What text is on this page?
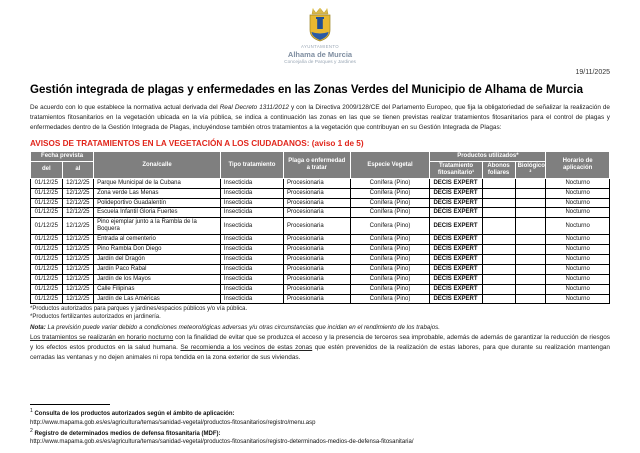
AYUNTAMIENTO
Alhama de Murcia
Concejalía de Parques y Jardines
19/11/2025
Gestión integrada de plagas y enfermedades en las Zonas Verdes del Municipio de Alhama de Murcia

De acuerdo con lo que establece la normativa actual derivada del Real Decreto 1311/2012 y con la Directiva 2009/128/CE del Parlamento Europeo, que fija la obligatoriedad de señalizar la realización de tratamientos fitosanitarios en la vegetación ubicada en la vía pública, se indica a continuación las zonas en las que se tienen previstas realizar tratamientos fitosanitarios para el control de plagas y enfermedades dentro de la Gestión Integrada de Plagas, incluyéndose también otros tratamientos a la vegetación que contribuyan en su Gestión Integrada de Plagas:

AVISOS DE TRATAMIENTOS EN LA VEGETACIÓN A LOS CIUDADANOS: (aviso 1 de 5)
Fecha prevista		Zona/calle	Tipo tratamiento	Plaga o enfermedad a tratar	Especie Vegetal	Productos utilizados*			Horario de aplicación
del	al					Tratamiento fitosanitario¹	Abonos foliares	Biológico ²	
01/12/25	12/12/25	Parque Municipal de la Cubana	Insecticida	Procesionaria	Conífera (Pino)	DECIS EXPERT			Nocturno
01/12/25	12/12/25	Zona verde Las Menas	Insecticida	Procesionaria	Conífera (Pino)	DECIS EXPERT			Nocturno
01/12/25	12/12/25	Polideportivo Guadalentín	Insecticida	Procesionaria	Conífera (Pino)	DECIS EXPERT			Nocturno
01/12/25	12/12/25	Escuela Infantil Gloria Fuertes	Insecticida	Procesionaria	Conífera (Pino)	DECIS EXPERT			Nocturno
01/12/25	12/12/25	Pino ejemplar junto a la Rambla de la Boquera	Insecticida	Procesionaria	Conífera (Pino)	DECIS EXPERT			Nocturno
01/12/25	12/12/25	Entrada al cementerio	Insecticida	Procesionaria	Conífera (Pino)	DECIS EXPERT			Nocturno
01/12/25	12/12/25	Pino Rambla Don Diego	Insecticida	Procesionaria	Conífera (Pino)	DECIS EXPERT			Nocturno
01/12/25	12/12/25	Jardín del Dragón	Insecticida	Procesionaria	Conífera (Pino)	DECIS EXPERT			Nocturno
01/12/25	12/12/25	Jardín Paco Rabal	Insecticida	Procesionaria	Conífera (Pino)	DECIS EXPERT			Nocturno
01/12/25	12/12/25	Jardín de los Mayos	Insecticida	Procesionaria	Conífera (Pino)	DECIS EXPERT			Nocturno
01/12/25	12/12/25	Calle Filipinas	Insecticida	Procesionaria	Conífera (Pino)	DECIS EXPERT			Nocturno
01/12/25	12/12/25	Jardín de Las Américas	Insecticida	Procesionaria	Conífera (Pino)	DECIS EXPERT			Nocturno
*Productos autorizados para parques y jardines/espacios públicos y/o vía pública.
*Productos fertilizantes autorizados en jardinería.

Nota: La previsión puede variar debido a condiciones meteorológicas adversas y/u otras circunstancias que incidan en el rendimiento de los trabajos.

Los tratamientos se realizarán en horario nocturno con la finalidad de evitar que se produzca el acceso y la presencia de terceros sea improbable, además de además de garantizar la reducción de riesgos y los efectos estos productos en la salud humana. Se recomienda a los vecinos de estas zonas que estén prevenidos de la realización de estas labores, para que durante su realización mantengan cerradas las ventanas y no dejen animales ni ropa tendida en la zona exterior de sus viviendas.

$^1$ Consulta de los productos autorizados según el ámbito de aplicación:
http://www.mapama.gob.es/es/agricultura/temas/sanidad-vegetal/productos-fitosanitarios/registro/menu.asp
$^2$ Registro de determinados medios de defensa fitosanitaria (MDF):
http://www.mapama.gob.es/es/agricultura/temas/sanidad-vegetal/productos-fitosanitarios/registro-determinados-medios-de-defensa-fitosanitaria/
